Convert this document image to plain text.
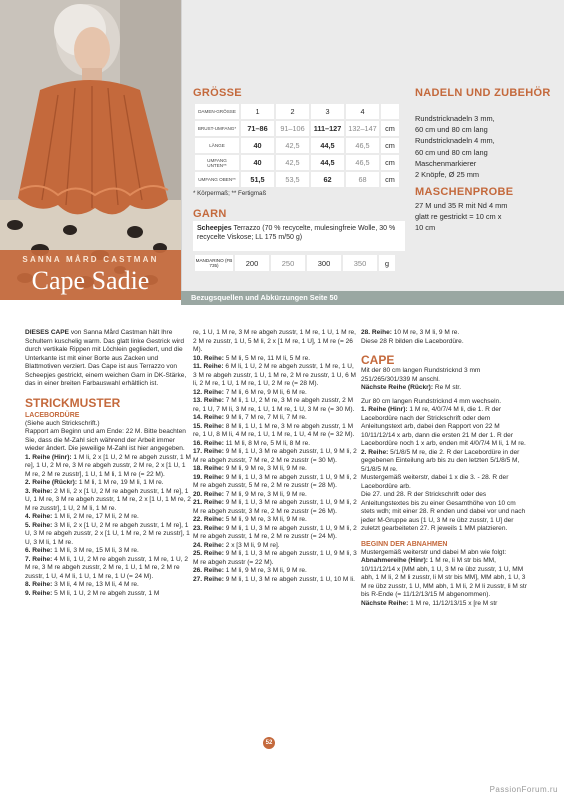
SANNA MÅRD CASTMAN
Cape Sadie
GRÖSSE
DAMEN-GRÖSSE	1	2	3	4	
BRUST-UMFANG*	71–86	91–106	111–127	132–147	cm
LÄNGE	40	42,5	44,5	46,5	cm
UMFANG UNTEN**	40	42,5	44,5	46,5	cm
UMFANG OBEN**	51,5	53,5	62	68	cm
* Körpermaß; ** Fertigmaß
GARN
Scheepjes Terrazzo (70 % recycelte, mulesingfreie Wolle, 30 % recycelte Viskose; LL 175 m/50 g)
MANDARINO (FB 735)	200	250	300	350	g
NADELN UND ZUBEHÖR
Rundstricknadeln 3 mm,
60 cm und 80 cm lang
Rundstricknadeln 4 mm,
60 cm und 80 cm lang
Maschenmarkierer
2 Knöpfe, Ø 25 mm
MASCHENPROBE
27 M und 35 R mit Nd 4 mm
glatt re gestrickt = 10 cm x
10 cm
Bezugsquellen und Abkürzungen Seite 50

DIESES CAPE von Sanna Mård Castman hält Ihre Schultern kuschelig warm. Das glatt linke Gestrick wird durch vertikale Rippen mit Löchlein gegliedert, und die Unterkante ist mit einer Borte aus Zacken und Blattmotiven verziert. Das Cape ist aus Terrazzo von Scheepjes gestrickt, einem weichen Garn in DK-Stärke, das in einer breiten Farbauswahl erhältlich ist.

STRICKMUSTER
LACEBORDÜRE

(Siehe auch Strickschrift.)

Rapport am Beginn und am Ende: 22 M. Bitte beachten Sie, dass die M-Zahl sich während der Arbeit immer wieder ändert. Die jeweilige M-Zahl ist hier angegeben.

1. Reihe (Hinr): 1 M li, 2 x [1 U, 2 M re abgeh zusstr, 1 M re], 1 U, 2 M re, 3 M re abgeh zusstr, 2 M re, 2 x [1 U, 1 M re, 2 M re zusstr], 1 U, 1 M li, 1 M re (= 22 M).

2. Reihe (Rückr): 1 M li, 1 M re, 19 M li, 1 M re.

3. Reihe: 2 M li, 2 x [1 U, 2 M re abgeh zusstr, 1 M re], 1 U, 1 M re, 3 M re abgeh zusstr, 1 M re, 2 x [1 U, 1 M re, 2 M re zusstr], 1 U, 2 M li, 1 M re.

4. Reihe: 1 M li, 2 M re, 17 M li, 2 M re.

5. Reihe: 3 M li, 2 x [1 U, 2 M re abgeh zusstr, 1 M re], 1 U, 3 M re abgeh zusstr, 2 x [1 U, 1 M re, 2 M re zusstr], 1 U, 3 M li, 1 M re.

6. Reihe: 1 M li, 3 M re, 15 M li, 3 M re.

7. Reihe: 4 M li, 1 U, 2 M re abgeh zusstr, 1 M re, 1 U, 2 M re, 3 M re abgeh zusstr, 2 M re, 1 U, 1 M re, 2 M re zusstr, 1 U, 4 M li, 1 U, 1 M re, 1 U (= 24 M).

8. Reihe: 3 M li, 4 M re, 13 M li, 4 M re.

9. Reihe: 5 M li, 1 U, 2 M re abgeh zusstr, 1 M

re, 1 U, 1 M re, 3 M re abgeh zusstr, 1 M re, 1 U, 1 M re, 2 M re zusstr, 1 U, 5 M li, 2 x [1 M re, 1 U], 1 M re (= 26 M).

10. Reihe: 5 M li, 5 M re, 11 M li, 5 M re.

11. Reihe: 6 M li, 1 U, 2 M re abgeh zusstr, 1 M re, 1 U, 3 M re abgeh zusstr, 1 U, 1 M re, 2 M re zusstr, 1 U, 6 M li, 2 M re, 1 U, 1 M re, 1 U, 2 M re (= 28 M).

12. Reihe: 7 M li, 6 M re, 9 M li, 6 M re.

13. Reihe: 7 M li, 1 U, 2 M re, 3 M re abgeh zusstr, 2 M re, 1 U, 7 M li, 3 M re, 1 U, 1 M re, 1 U, 3 M re (= 30 M).

14. Reihe: 9 M li, 7 M re, 7 M li, 7 M re.

15. Reihe: 8 M li, 1 U, 1 M re, 3 M re abgeh zusstr, 1 M re, 1 U, 8 M li, 4 M re, 1 U, 1 M re, 1 U, 4 M re (= 32 M).

16. Reihe: 11 M li, 8 M re, 5 M li, 8 M re.

17. Reihe: 9 M li, 1 U, 3 M re abgeh zusstr, 1 U, 9 M li, 2 M re abgeh zusstr, 7 M re, 2 M re zusstr (= 30 M).

18. Reihe: 9 M li, 9 M re, 3 M li, 9 M re.

19. Reihe: 9 M li, 1 U, 3 M re abgeh zusstr, 1 U, 9 M li, 2 M re abgeh zusstr, 5 M re, 2 M re zusstr (= 28 M).

20. Reihe: 7 M li, 9 M re, 3 M li, 9 M re.

21. Reihe: 9 M li, 1 U, 3 M re abgeh zusstr, 1 U, 9 M li, 2 M re abgeh zusstr, 3 M re, 2 M re zusstr (= 26 M).

22. Reihe: 5 M li, 9 M re, 3 M li, 9 M re.

23. Reihe: 9 M li, 1 U, 3 M re abgeh zusstr, 1 U, 9 M li, 2 M re abgeh zusstr, 1 M re, 2 M re zusstr (= 24 M).

24. Reihe: 2 x [3 M li, 9 M re].

25. Reihe: 9 M li, 1 U, 3 M re abgeh zusstr, 1 U, 9 M li, 3 M re abgeh zusstr (= 22 M).

26. Reihe: 1 M li, 9 M re, 3 M li, 9 M re.

27. Reihe: 9 M li, 1 U, 3 M re abgeh zusstr, 1 U, 10 M li.

28. Reihe: 10 M re, 3 M li, 9 M re.

Diese 28 R bilden die Lacebordüre.

CAPE

Mit der 80 cm langen Rundstricknd 3 mm 251/265/301/339 M anschl.

Nächste Reihe (Rückr): Re M str.

Zur 80 cm langen Rundstricknd 4 mm wechseln.

1. Reihe (Hinr): 1 M re, 4/0/7/4 M li, die 1. R der Lacebordüre nach der Strickschrift oder dem Anleitungstext arb, dabei den Rapport von 22 M 10/11/12/14 x arb, dann die ersten 21 M der 1. R der Lacebordüre noch 1 x arb, enden mit 4/0/7/4 M li, 1 M re.

2. Reihe: 5/1/8/5 M re, die 2. R der Lacebordüre in der gegebenen Einteilung arb bis zu den letzten 5/1/8/5 M, 5/1/8/5 M re.

Mustergemäß weiterstr, dabei 1 x die 3. - 28. R der Lacebordüre arb.

Die 27. und 28. R der Strickschrift oder des Anleitungstextes bis zu einer Gesamthöhe von 10 cm stets wdh; mit einer 28. R enden und dabei vor und nach jeder M-Gruppe aus [1 U, 3 M re übz zusstr, 1 U] der zuletzt gearbeiteten 27. R jeweils 1 MM platzieren.

BEGINN DER ABNAHMEN

Mustergemäß weiterstr und dabei M abn wie folgt:

Abnahmereihe (Hinr): 1 M re, li M str bis MM, 10/11/12/14 x [MM abh, 1 U, 3 M re übz zusstr, 1 U, MM abh, 1 M li, 2 M li zusstr, li M str bis MM], MM abh, 1 U, 3 M re übz zusstr, 1 U, MM abh, 1 M li, 2 M li zusstr, li M str bis R-Ende (= 11/12/13/15 M abgenommen).

Nächste Reihe: 1 M re, 11/12/13/15 x [re M str

52
PassionForum.ru
